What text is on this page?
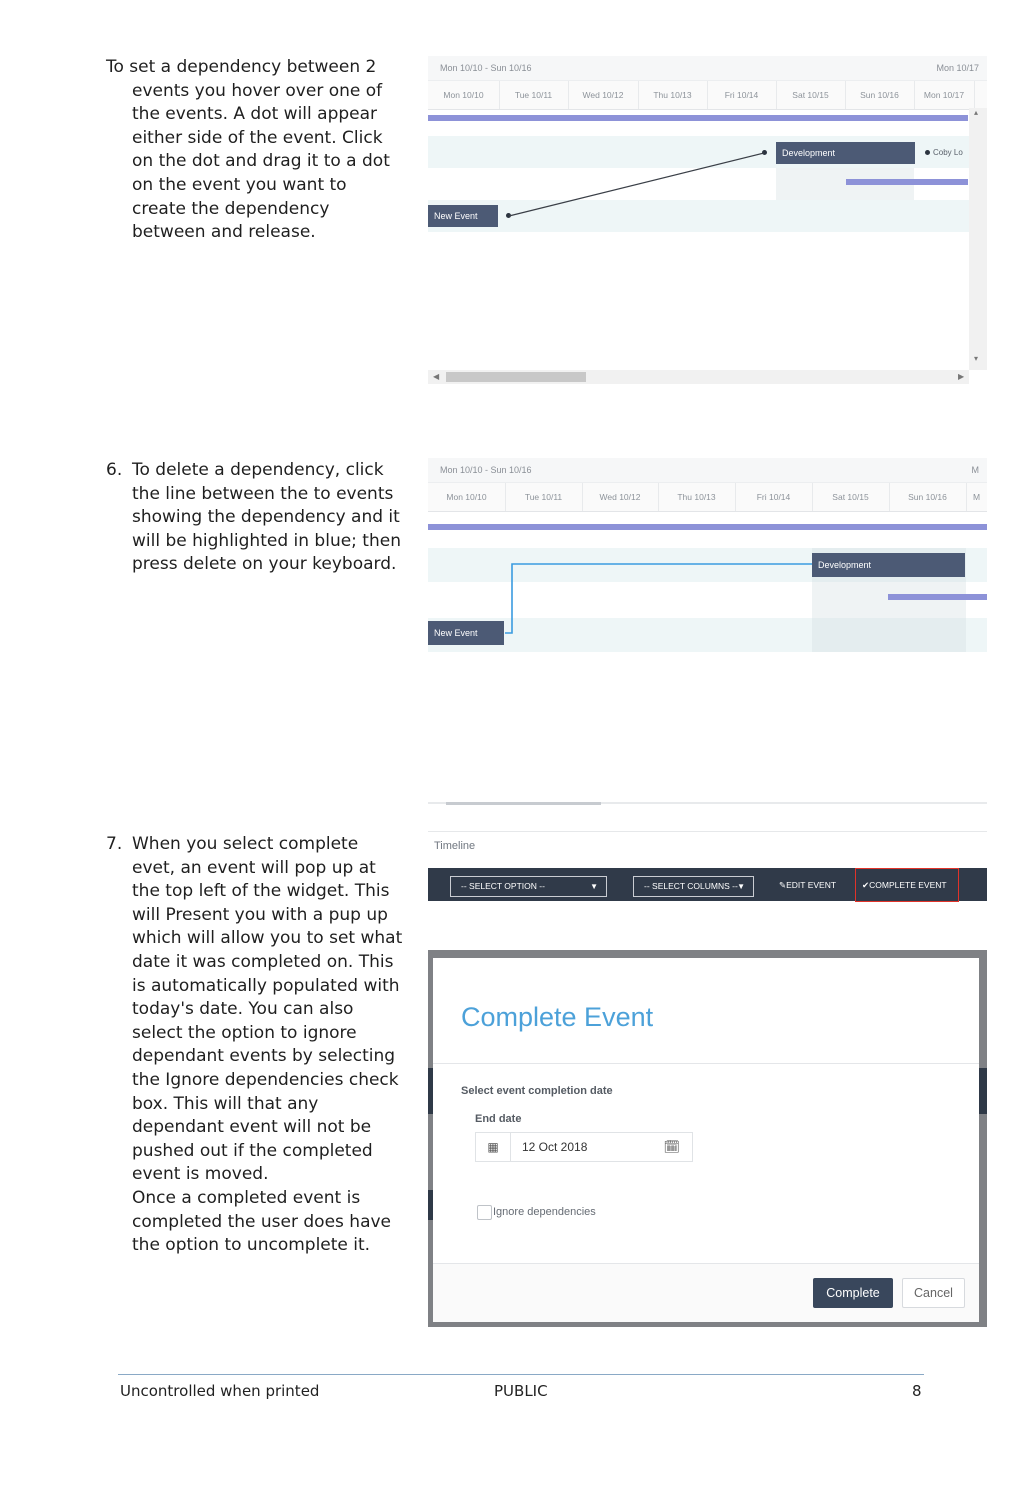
To set a dependency between 2
events you hover over one of
the events. A dot will appear
either side of the event. Click
on the dot and drag it to a dot
on the event you want to
create the dependency
between and release.
Mon 10/10 - Sun 10/16	Mon 10/17
Mon 10/10	Tue 10/11	Wed 10/12	Thu 10/13	Fri 10/14	Sat 10/15	Sun 10/16	Mon 10/17
Development	Coby Lo
New Event
▴
▾
◀	▶
6. To delete a dependency, click
the line between the to events
showing the dependency and it
will be highlighted in blue; then
press delete on your keyboard.
Mon 10/10 - Sun 10/16	M
Mon 10/10	Tue 10/11	Wed 10/12	Thu 10/13	Fri 10/14	Sat 10/15	Sun 10/16	M
Development
New Event
Timeline
-- SELECT OPTION --	▼	-- SELECT COLUMNS -- ▼	✎EDIT EVENT	✔COMPLETE EVENT
7. When you select complete
evet, an event will pop up at
the top left of the widget. This
will Present you with a pup up
which will allow you to set what
date it was completed on. This
is automatically populated with
today's date. You can also
select the option to ignore
dependant events by selecting
the Ignore dependencies check
box. This will that any
dependant event will not be
pushed out if the completed
event is moved.
Once a completed event is
completed the user does have
the option to uncomplete it.
Complete Event
Select event completion date
End date
▦	12 Oct 2018	🗓
Ignore dependencies
Complete	Cancel
Uncontrolled when printed	PUBLIC	8
